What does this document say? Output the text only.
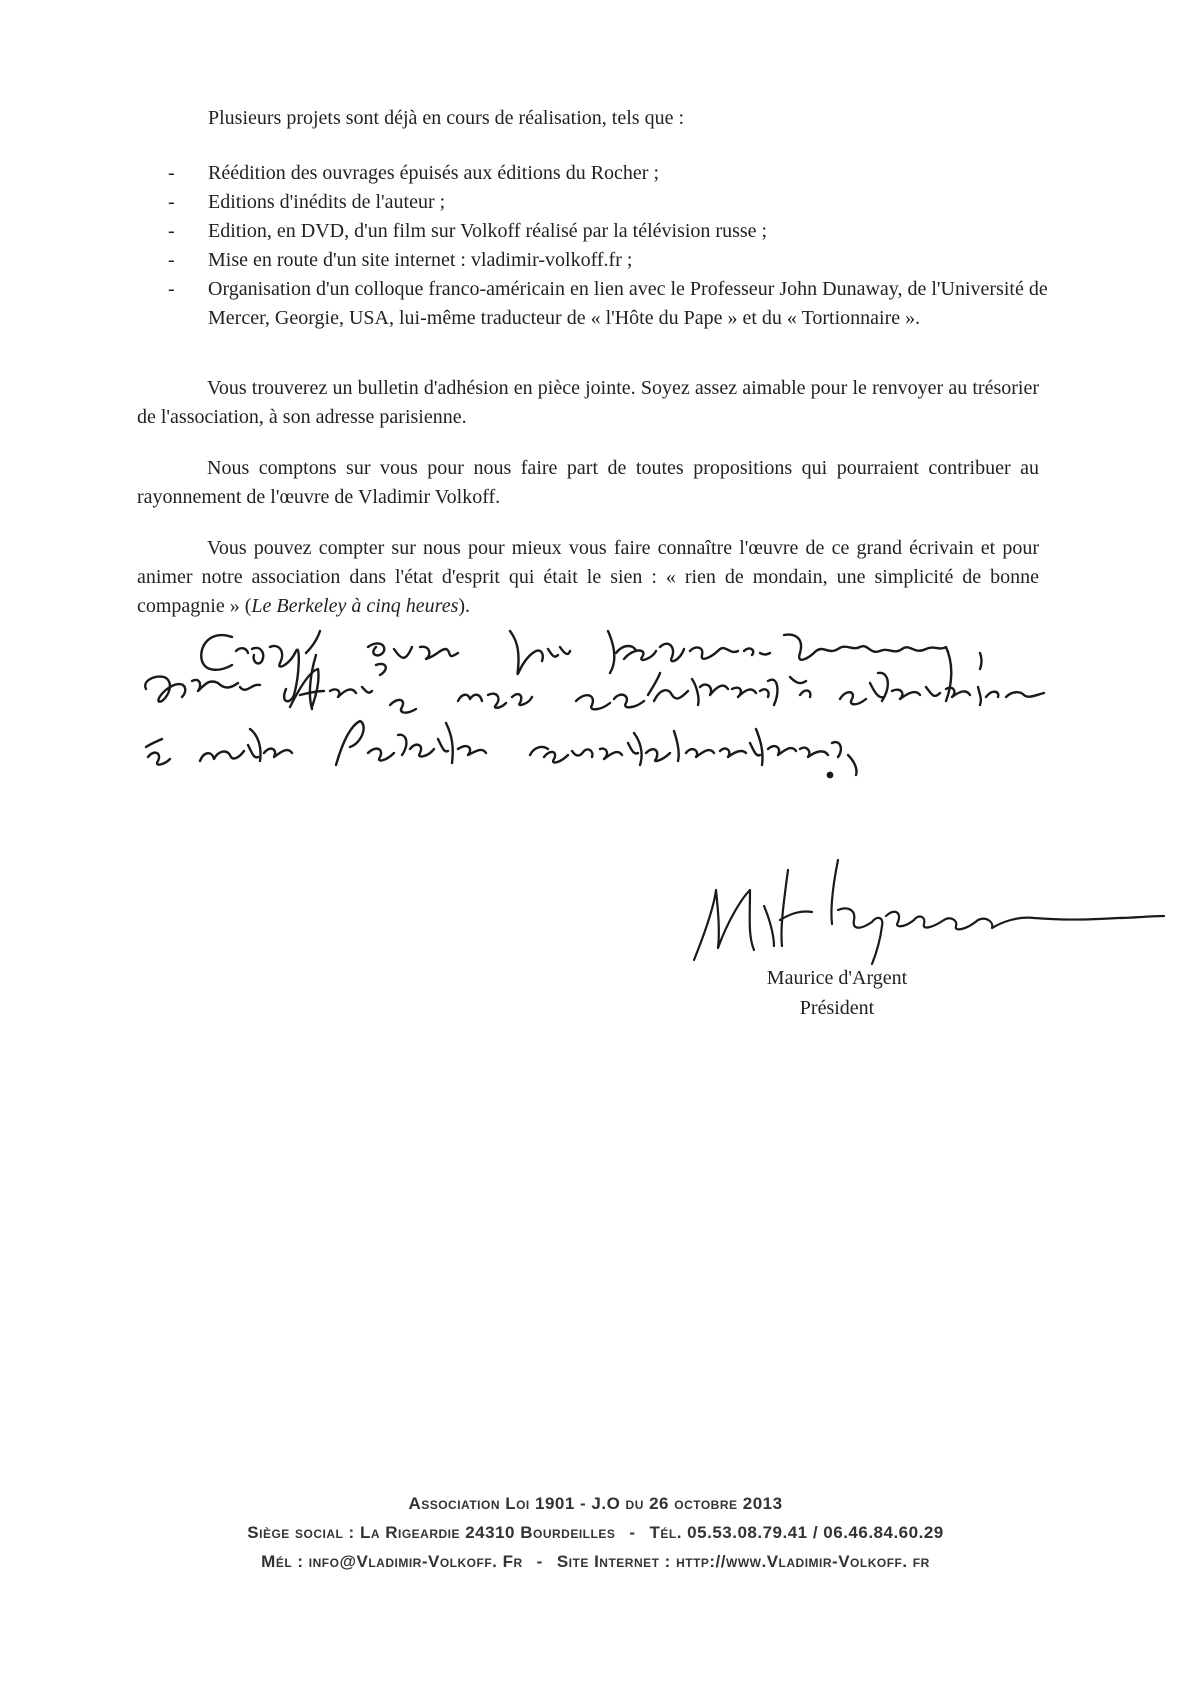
Plusieurs projets sont déjà en cours de réalisation, tels que :
- Réédition des ouvrages épuisés aux éditions du Rocher ;
- Editions d'inédits de l'auteur ;
- Edition, en DVD, d'un film sur Volkoff réalisé par la télévision russe ;
- Mise en route d'un site internet : vladimir-volkoff.fr ;
- Organisation d'un colloque franco-américain en lien avec le Professeur John Dunaway, de l'Université de Mercer, Georgie, USA, lui-même traducteur de « l'Hôte du Pape » et du « Tortionnaire ».

Vous trouverez un bulletin d'adhésion en pièce jointe. Soyez assez aimable pour le renvoyer au trésorier de l'association, à son adresse parisienne.

Nous comptons sur vous pour nous faire part de toutes propositions qui pourraient contribuer au rayonnement de l'œuvre de Vladimir Volkoff.

Vous pouvez compter sur nous pour mieux vous faire connaître l'œuvre de ce grand écrivain et pour animer notre association dans l'état d'esprit qui était le sien : « rien de mondain, une simplicité de bonne compagnie » (Le Berkeley à cinq heures).

Maurice d'Argent
Président
Association Loi 1901 - J.O du 26 octobre 2013
Siège social : La Rigeardie 24310 Bourdeilles - Tél. 05.53.08.79.41 / 06.46.84.60.29
Mél : info@Vladimir-Volkoff. Fr - Site Internet : http://www.Vladimir-Volkoff. fr
